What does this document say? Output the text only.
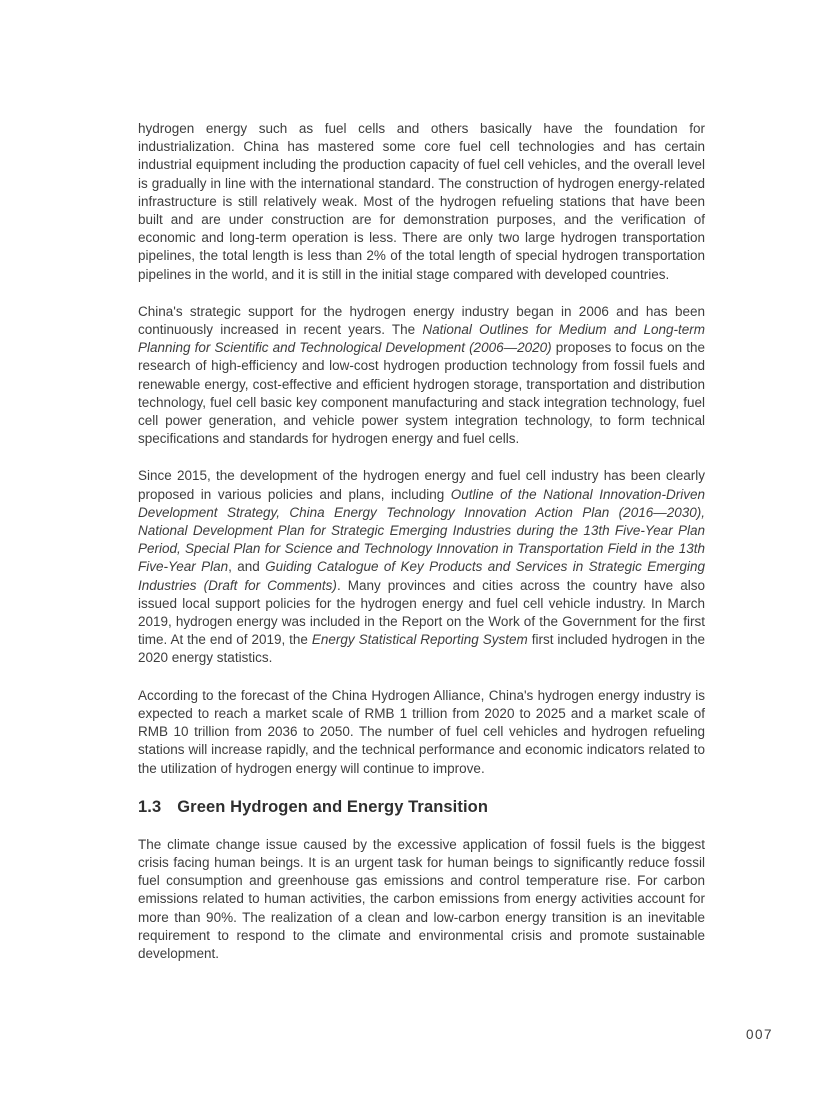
hydrogen energy such as fuel cells and others basically have the foundation for industrialization. China has mastered some core fuel cell technologies and has certain industrial equipment including the production capacity of fuel cell vehicles, and the overall level is gradually in line with the international standard. The construction of hydrogen energy-related infrastructure is still relatively weak. Most of the hydrogen refueling stations that have been built and are under construction are for demonstration purposes, and the verification of economic and long-term operation is less. There are only two large hydrogen transportation pipelines, the total length is less than 2% of the total length of special hydrogen transportation pipelines in the world, and it is still in the initial stage compared with developed countries.

China's strategic support for the hydrogen energy industry began in 2006 and has been continuously increased in recent years. The National Outlines for Medium and Long-term Planning for Scientific and Technological Development (2006—2020) proposes to focus on the research of high-efficiency and low-cost hydrogen production technology from fossil fuels and renewable energy, cost-effective and efficient hydrogen storage, transportation and distribution technology, fuel cell basic key component manufacturing and stack integration technology, fuel cell power generation, and vehicle power system integration technology, to form technical specifications and standards for hydrogen energy and fuel cells.

Since 2015, the development of the hydrogen energy and fuel cell industry has been clearly proposed in various policies and plans, including Outline of the National Innovation-Driven Development Strategy, China Energy Technology Innovation Action Plan (2016—2030), National Development Plan for Strategic Emerging Industries during the 13th Five-Year Plan Period, Special Plan for Science and Technology Innovation in Transportation Field in the 13th Five-Year Plan, and Guiding Catalogue of Key Products and Services in Strategic Emerging Industries (Draft for Comments). Many provinces and cities across the country have also issued local support policies for the hydrogen energy and fuel cell vehicle industry. In March 2019, hydrogen energy was included in the Report on the Work of the Government for the first time. At the end of 2019, the Energy Statistical Reporting System first included hydrogen in the 2020 energy statistics.

According to the forecast of the China Hydrogen Alliance, China's hydrogen energy industry is expected to reach a market scale of RMB 1 trillion from 2020 to 2025 and a market scale of RMB 10 trillion from 2036 to 2050. The number of fuel cell vehicles and hydrogen refueling stations will increase rapidly, and the technical performance and economic indicators related to the utilization of hydrogen energy will continue to improve.

1.3 Green Hydrogen and Energy Transition

The climate change issue caused by the excessive application of fossil fuels is the biggest crisis facing human beings. It is an urgent task for human beings to significantly reduce fossil fuel consumption and greenhouse gas emissions and control temperature rise. For carbon emissions related to human activities, the carbon emissions from energy activities account for more than 90%. The realization of a clean and low-carbon energy transition is an inevitable requirement to respond to the climate and environmental crisis and promote sustainable development.

007
